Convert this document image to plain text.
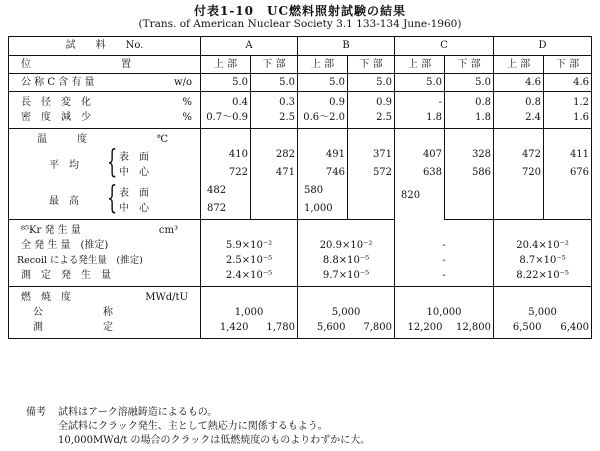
付表1-10　UC燃料照射試験の結果
(Trans. of American Nuclear Society 3.1 133-134 June-1960)
試　　料　　No.	A		B		C		D	
位　　　　　　　　　置	上 部	下 部	上 部	下 部	上 部	下 部	上 部	下 部
公 称 C 含 有 量 w/o	5.0	5.0	5.0	5.0	5.0	5.0	4.6	4.6
長　径　変　化 %	0.4	0.3	0.9	0.9	-	0.8	0.8	1.2
密　度　減　少 %	0.7～0.9	2.5	0.6～2.0	2.5	1.8	1.8	2.4	1.6
温　　　度 ℃								

平　均 { 表　面	410	282	491	371	407	328	472	411
中　心	722	471	746	572	638	586	720	676
最　高 { 表　面	482		580		820			
中　心	872		1,000					
⁸⁵Kr 発 生 量 cm³								

全 発 生 量　(推定)	5.9×10⁻²		20.9×10⁻²		-		20.4×10⁻²	
Recoil による発生量　(推定)	2.5×10⁻⁵		8.8×10⁻⁵		-		8.7×10⁻⁵	
測　定　発　生　量	2.4×10⁻⁵		9.7×10⁻⁵		-		8.22×10⁻⁵	
燃　焼　度 MWd/tU								

公　　　　　　称	1,000		5,000		10,000		5,000	
測　　　　　　定	1,420	1,780	5,600	7,800	12,200	12,800	6,500	6,400
備考 試料はアーク溶融鋳造によるもの。
全試料にクラック発生、主として熱応力に関係するもよう。
10,000MWd/t の場合のクラックは低燃焼度のものよりわずかに大。
